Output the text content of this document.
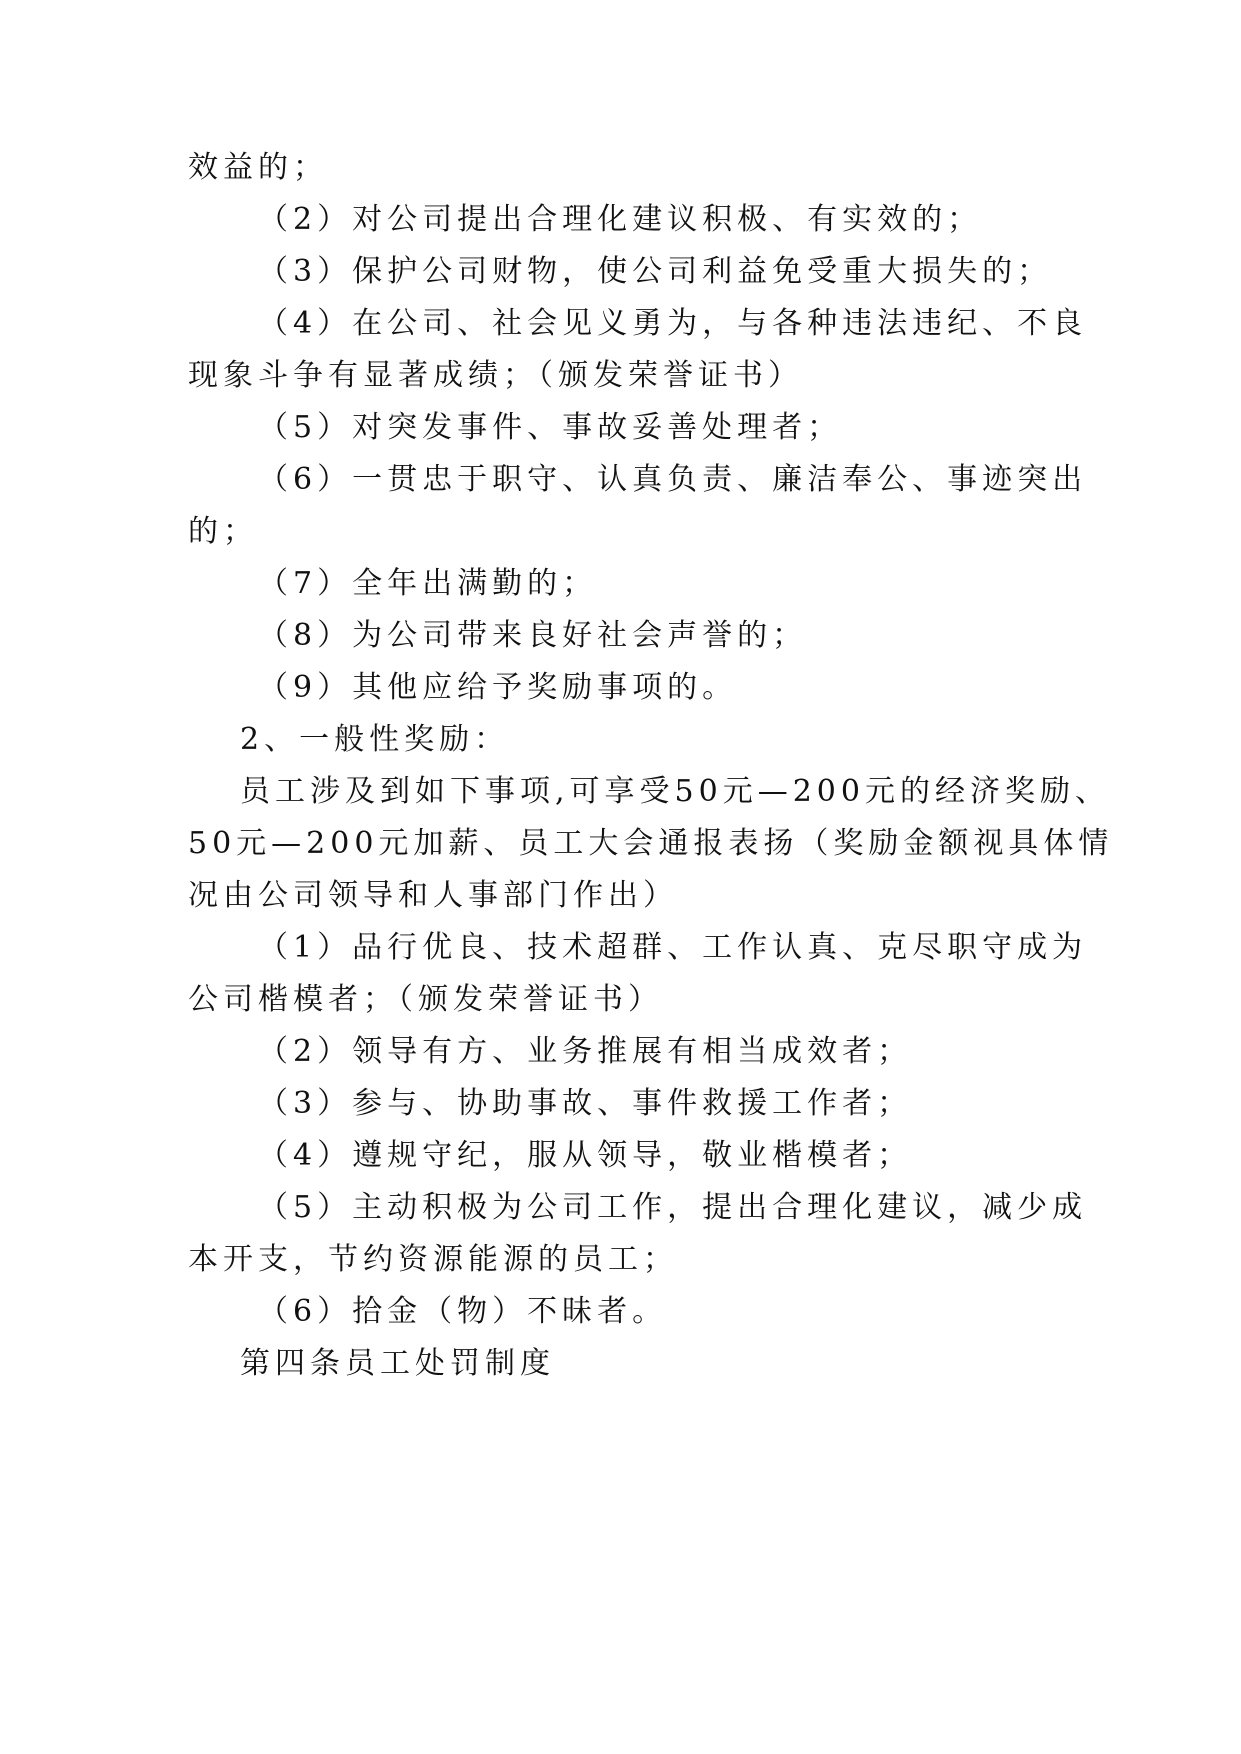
效益的；
（2）对公司提出合理化建议积极、有实效的；
（3）保护公司财物，使公司利益免受重大损失的；
（4）在公司、社会见义勇为，与各种违法违纪、不良
现象斗争有显著成绩；（颁发荣誉证书）
（5）对突发事件、事故妥善处理者；
（6）一贯忠于职守、认真负责、廉洁奉公、事迹突出
的；
（7）全年出满勤的；
（8）为公司带来良好社会声誉的；
（9）其他应给予奖励事项的。
2、一般性奖励：
员工涉及到如下事项,可享受50元—200元的经济奖励、
50元—200元加薪、员工大会通报表扬（奖励金额视具体情
况由公司领导和人事部门作出）
（1）品行优良、技术超群、工作认真、克尽职守成为
公司楷模者；（颁发荣誉证书）
（2）领导有方、业务推展有相当成效者；
（3）参与、协助事故、事件救援工作者；
（4）遵规守纪，服从领导，敬业楷模者；
（5）主动积极为公司工作，提出合理化建议，减少成
本开支，节约资源能源的员工；
（6）拾金（物）不昧者。
第四条员工处罚制度
